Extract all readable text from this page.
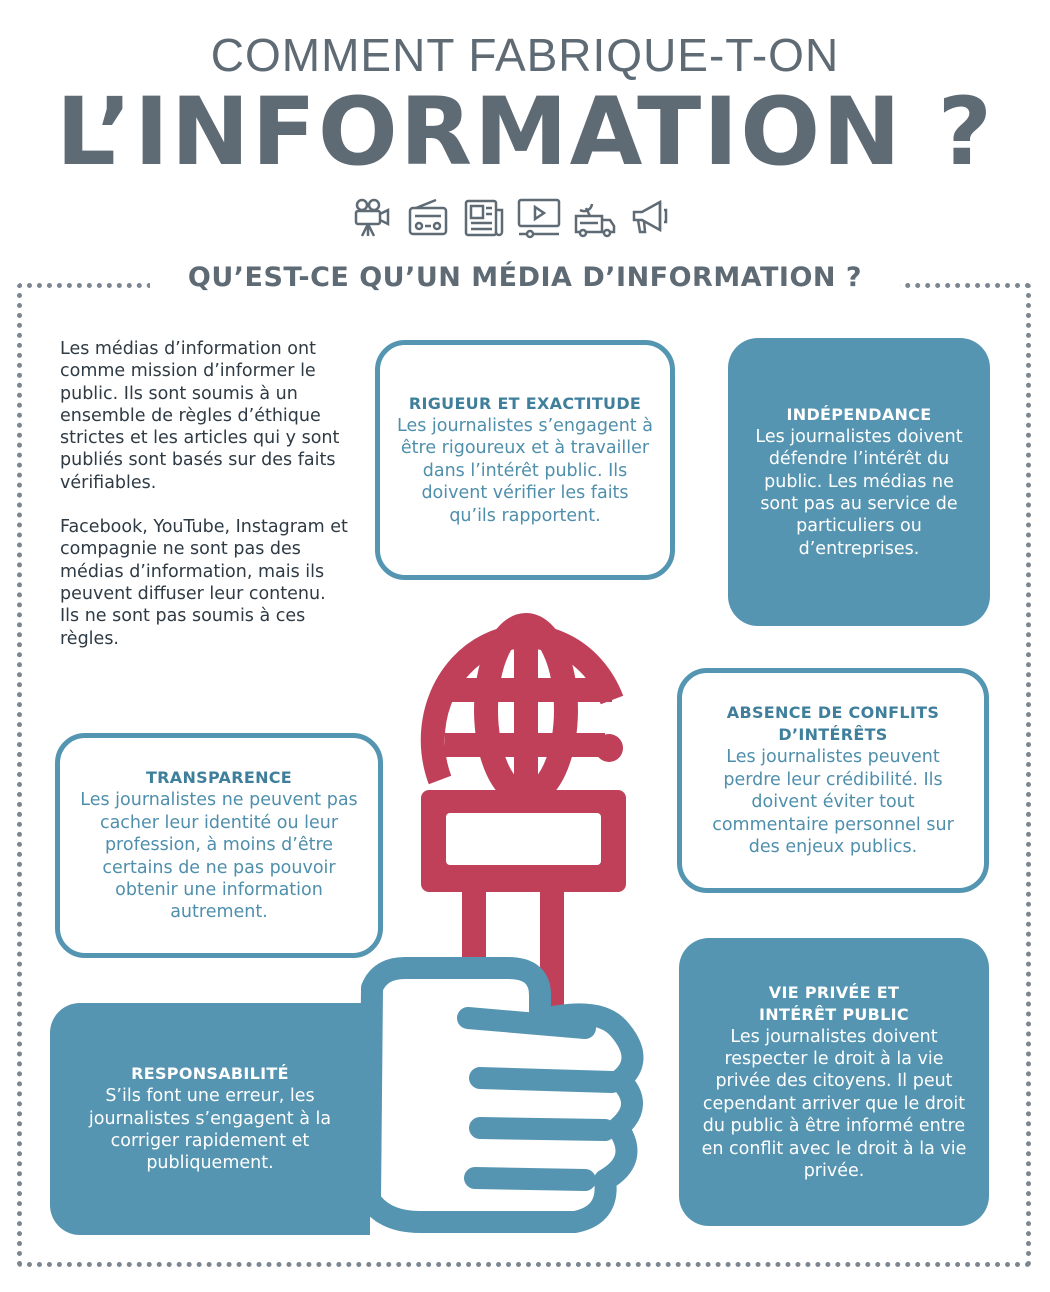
COMMENT FABRIQUE-T-ON
L’INFORMATION ?
QU’EST-CE QU’UN MÉDIA D’INFORMATION ?

Les médias d’information ont comme mission d’informer le public. Ils sont soumis à un ensemble de règles d’éthique strictes et les articles qui y sont publiés sont basés sur des faits vérifiables.

Facebook, YouTube, Instagram et compagnie ne sont pas des médias d’information, mais ils peuvent diffuser leur contenu. Ils ne sont pas soumis à ces règles.

RIGUEUR ET EXACTITUDE
Les journalistes s’engagent à être rigoureux et à travailler dans l’intérêt public. Ils doivent vérifier les faits qu’ils rapportent.
INDÉPENDANCE
Les journalistes doivent défendre l’intérêt du public. Les médias ne sont pas au service de particuliers ou d’entreprises.
ABSENCE DE CONFLITS D’INTÉRÊTS
Les journalistes peuvent perdre leur crédibilité. Ils doivent éviter tout commentaire personnel sur des enjeux publics.
TRANSPARENCE
Les journalistes ne peuvent pas cacher leur identité ou leur profession, à moins d’être certains de ne pas pouvoir obtenir une information autrement.
RESPONSABILITÉ
S’ils font une erreur, les journalistes s’engagent à la corriger rapidement et publiquement.
VIE PRIVÉE ET INTÉRÊT PUBLIC
Les journalistes doivent respecter le droit à la vie privée des citoyens. Il peut cependant arriver que le droit du public à être informé entre en conflit avec le droit à la vie privée.
